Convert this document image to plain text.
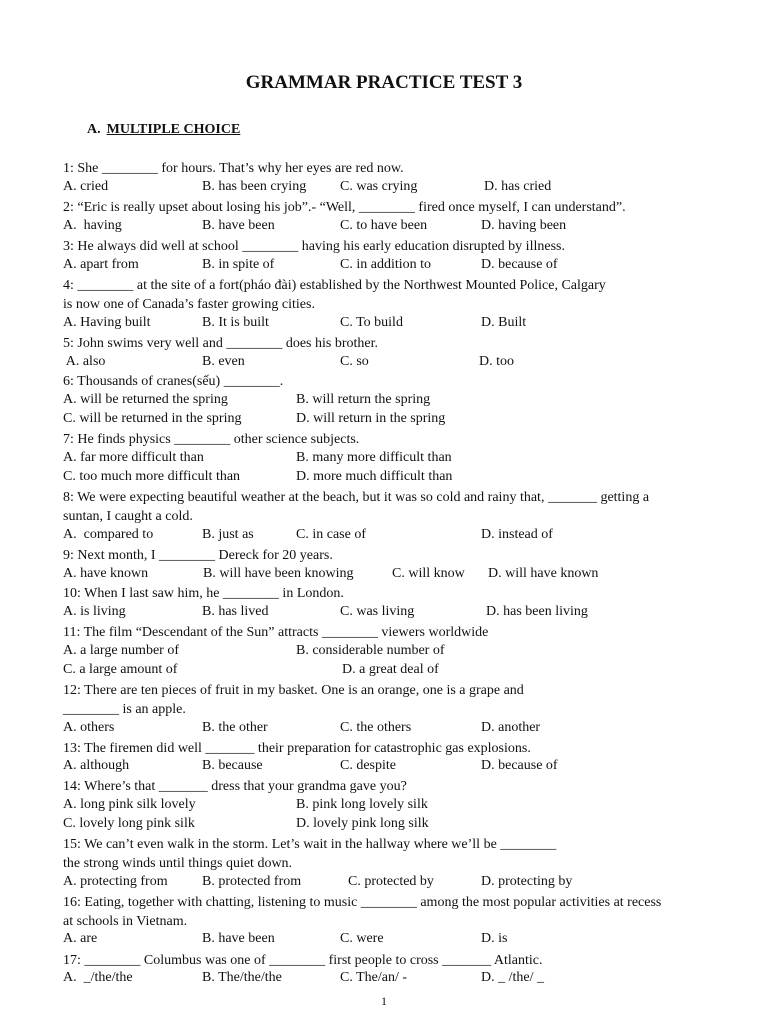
GRAMMAR PRACTICE TEST 3
A. MULTIPLE CHOICE
1: She ________ for hours. That’s why her eyes are red now.
A. cried	B. has been crying C. was crying	D. has cried
2: “Eric is really upset about losing his job”.- “Well, ________ fired once myself, I can understand”.
A.  having	B. have been	C. to have been	D. having been
3: He always did well at school ________ having his early education disrupted by illness.
A. apart from	B. in spite of	C. in addition to	D. because of
4: ________ at the site of a fort(pháo đài) established by the Northwest Mounted Police, Calgary
is now one of Canada’s faster growing cities.
A. Having built	B. It is built	C. To build	D. Built
5: John swims very well and ________ does his brother.
A. also	B. even	C. so	D. too
6: Thousands of cranes(sếu) ________.
A. will be returned the spring	B. will return the spring
C. will be returned in the spring	D. will return in the spring
7: He finds physics ________ other science subjects.
A. far more difficult than	B. many more difficult than
C. too much more difficult than	D. more much difficult than
8: We were expecting beautiful weather at the beach, but it was so cold and rainy that, _______ getting a
suntan, I caught a cold.
A.  compared to	B. just as	C. in case of	D. instead of
9: Next month, I ________ Dereck for 20 years.
A. have known	B. will have been knowing	C. will know D. will have known
10: When I last saw him, he ________ in London.
A. is living	B. has lived	C. was living	D. has been living
11: The film “Descendant of the Sun” attracts ________ viewers worldwide
A. a large number of	B. considerable number of
C. a large amount of	D. a great deal of
12: There are ten pieces of fruit in my basket. One is an orange, one is a grape and
________ is an apple.
A. others	B. the other	C. the others	D. another
13: The firemen did well _______ their preparation for catastrophic gas explosions.
A. although	B. because	C. despite	D. because of
14: Where’s that _______ dress that your grandma gave you?
A. long pink silk lovely	B. pink long lovely silk
C. lovely long pink silk	D. lovely pink long silk
15: We can’t even walk in the storm. Let’s wait in the hallway where we’ll be ________
the strong winds until things quiet down.
A. protecting from B. protected from	C. protected by	D. protecting by
16: Eating, together with chatting, listening to music ________ among the most popular activities at recess
at schools in Vietnam.
A. are	B. have been	C. were	D. is
17: ________ Columbus was one of ________ first people to cross _______ Atlantic.
A.  _/the/the	B. The/the/the	C. The/an/ -	D. _ /the/ _
1
